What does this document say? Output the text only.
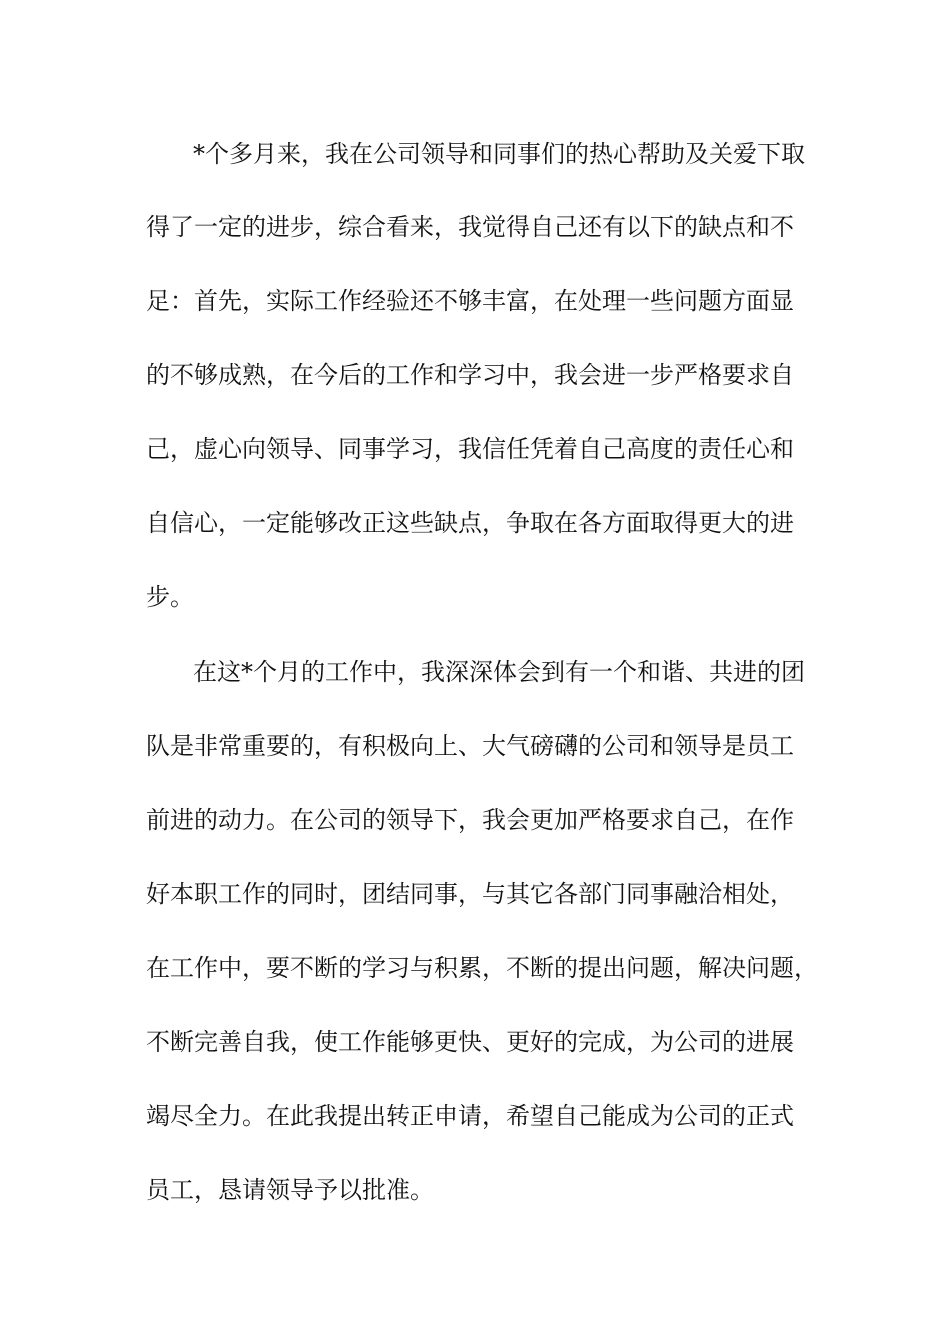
*个多月来，我在公司领导和同事们的热心帮助及关爱下取
得了一定的进步，综合看来，我觉得自己还有以下的缺点和不
足：首先，实际工作经验还不够丰富，在处理一些问题方面显
的不够成熟，在今后的工作和学习中，我会进一步严格要求自
己，虚心向领导、同事学习，我信任凭着自己高度的责任心和
自信心，一定能够改正这些缺点，争取在各方面取得更大的进
步。
在这*个月的工作中，我深深体会到有一个和谐、共进的团
队是非常重要的，有积极向上、大气磅礴的公司和领导是员工
前进的动力。在公司的领导下，我会更加严格要求自己，在作
好本职工作的同时，团结同事，与其它各部门同事融洽相处，
在工作中，要不断的学习与积累，不断的提出问题，解决问题，
不断完善自我，使工作能够更快、更好的完成，为公司的进展
竭尽全力。在此我提出转正申请，希望自己能成为公司的正式
员工，恳请领导予以批准。
